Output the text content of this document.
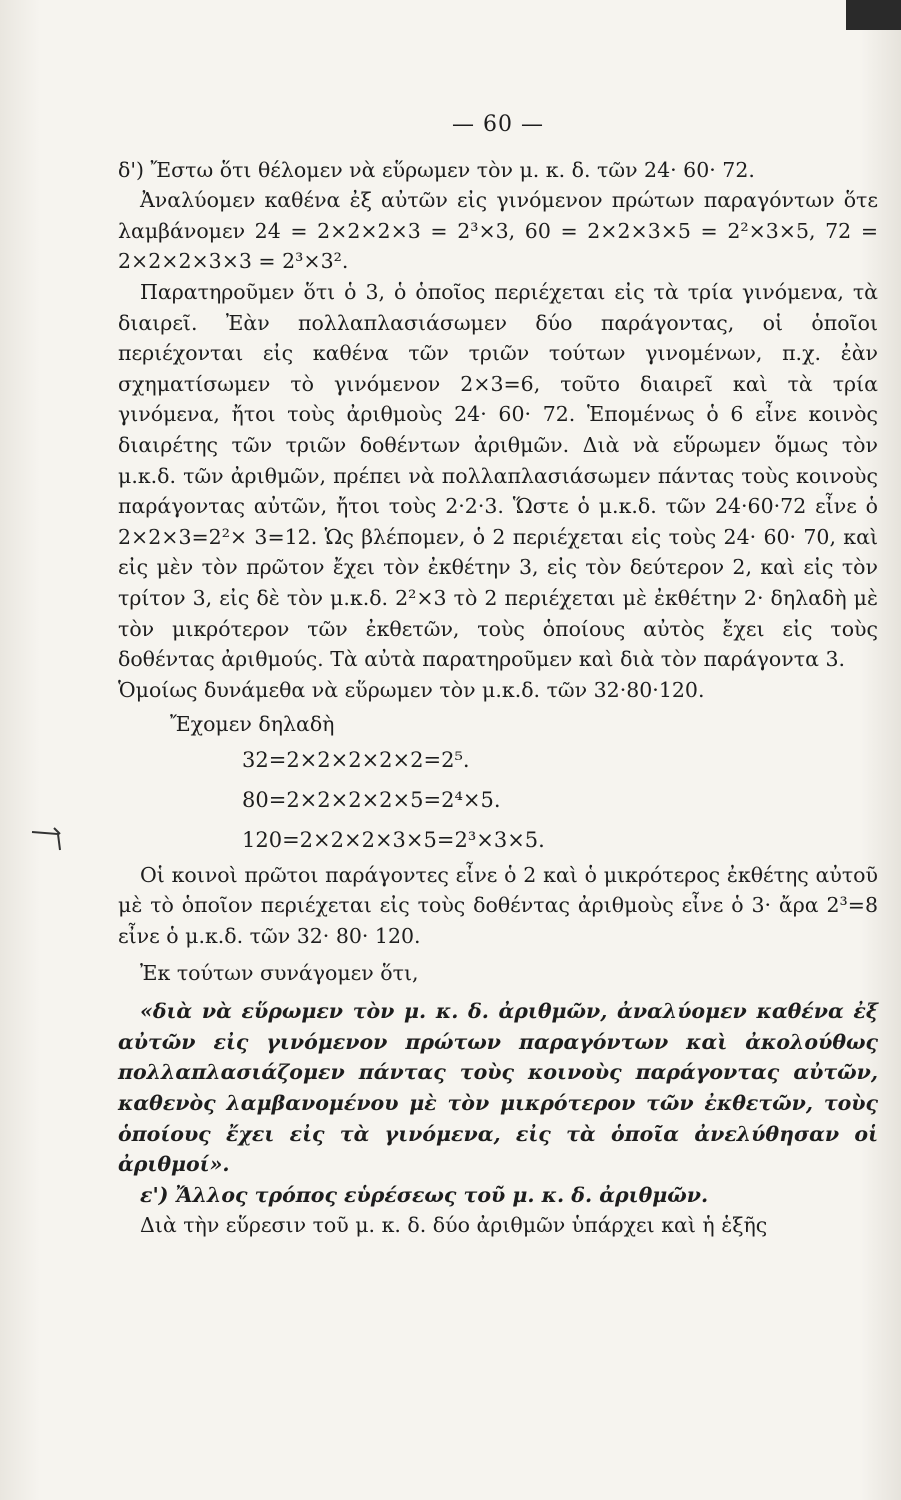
— 60 —

δ') Ἔστω ὅτι θέλομεν νὰ εὕρωμεν τὸν μ. κ. δ. τῶν 24· 60· 72.

Ἀναλύομεν καθένα ἐξ αὐτῶν εἰς γινόμενον πρώτων παραγόντων ὅτε λαμβάνομεν 24 = 2×2×2×3 = 2³×3, 60 = 2×2×3×5 = 2²×3×5, 72 = 2×2×2×3×3 = 2³×3².

Παρατηροῦμεν ὅτι ὁ 3, ὁ ὁποῖος περιέχεται εἰς τὰ τρία γινόμενα, τὰ διαιρεῖ. Ἐὰν πολλαπλασιάσωμεν δύο παράγοντας, οἱ ὁποῖοι περιέχονται εἰς καθένα τῶν τριῶν τούτων γινομένων, π.χ. ἐὰν σχηματίσωμεν τὸ γινόμενον 2×3=6, τοῦτο διαιρεῖ καὶ τὰ τρία γινόμενα, ἤτοι τοὺς ἀριθμοὺς 24· 60· 72. Ἑπομένως ὁ 6 εἶνε κοινὸς διαιρέτης τῶν τριῶν δοθέντων ἀριθμῶν. Διὰ νὰ εὕρωμεν ὅμως τὸν μ.κ.δ. τῶν ἀριθμῶν, πρέπει νὰ πολλαπλασιάσωμεν πάντας τοὺς κοινοὺς παράγοντας αὐτῶν, ἤτοι τοὺς 2·2·3. Ὥστε ὁ μ.κ.δ. τῶν 24·60·72 εἶνε ὁ 2×2×3=2²× 3=12. Ὡς βλέπομεν, ὁ 2 περιέχεται εἰς τοὺς 24· 60· 70, καὶ εἰς μὲν τὸν πρῶτον ἔχει τὸν ἐκθέτην 3, εἰς τὸν δεύτερον 2, καὶ εἰς τὸν τρίτον 3, εἰς δὲ τὸν μ.κ.δ. 2²×3 τὸ 2 περιέχεται μὲ ἐκθέτην 2· δηλαδὴ μὲ τὸν μικρότερον τῶν ἐκθετῶν, τοὺς ὁποίους αὐτὸς ἔχει εἰς τοὺς δοθέντας ἀριθμούς. Τὰ αὐτὰ παρατηροῦμεν καὶ διὰ τὸν παράγοντα 3.

Ὁμοίως δυνάμεθα νὰ εὕρωμεν τὸν μ.κ.δ. τῶν 32·80·120.

Ἔχομεν δηλαδὴ

32=2×2×2×2×2=2⁵.

80=2×2×2×2×5=2⁴×5.

120=2×2×2×3×5=2³×3×5.

Οἱ κοινοὶ πρῶτοι παράγοντες εἶνε ὁ 2 καὶ ὁ μικρότερος ἐκθέτης αὐτοῦ μὲ τὸ ὁποῖον περιέχεται εἰς τοὺς δοθέντας ἀριθμοὺς εἶνε ὁ 3· ἄρα 2³=8 εἶνε ὁ μ.κ.δ. τῶν 32· 80· 120.

Ἐκ τούτων συνάγομεν ὅτι,

«διὰ νὰ εὕρωμεν τὸν μ. κ. δ. ἀριθμῶν, ἀναλύομεν καθένα ἐξ αὐτῶν εἰς γινόμενον πρώτων παραγόντων καὶ ἀκολούθως πολλαπλασιάζομεν πάντας τοὺς κοινοὺς παράγοντας αὐτῶν, καθενὸς λαμβανομένου μὲ τὸν μικρότερον τῶν ἐκθετῶν, τοὺς ὁποίους ἔχει εἰς τὰ γινόμενα, εἰς τὰ ὁποῖα ἀνελύθησαν οἱ ἀριθμοί».

ε') Ἄλλος τρόπος εὑρέσεως τοῦ μ. κ. δ. ἀριθμῶν.

Διὰ τὴν εὕρεσιν τοῦ μ. κ. δ. δύο ἀριθμῶν ὑπάρχει καὶ ἡ ἑξῆς
